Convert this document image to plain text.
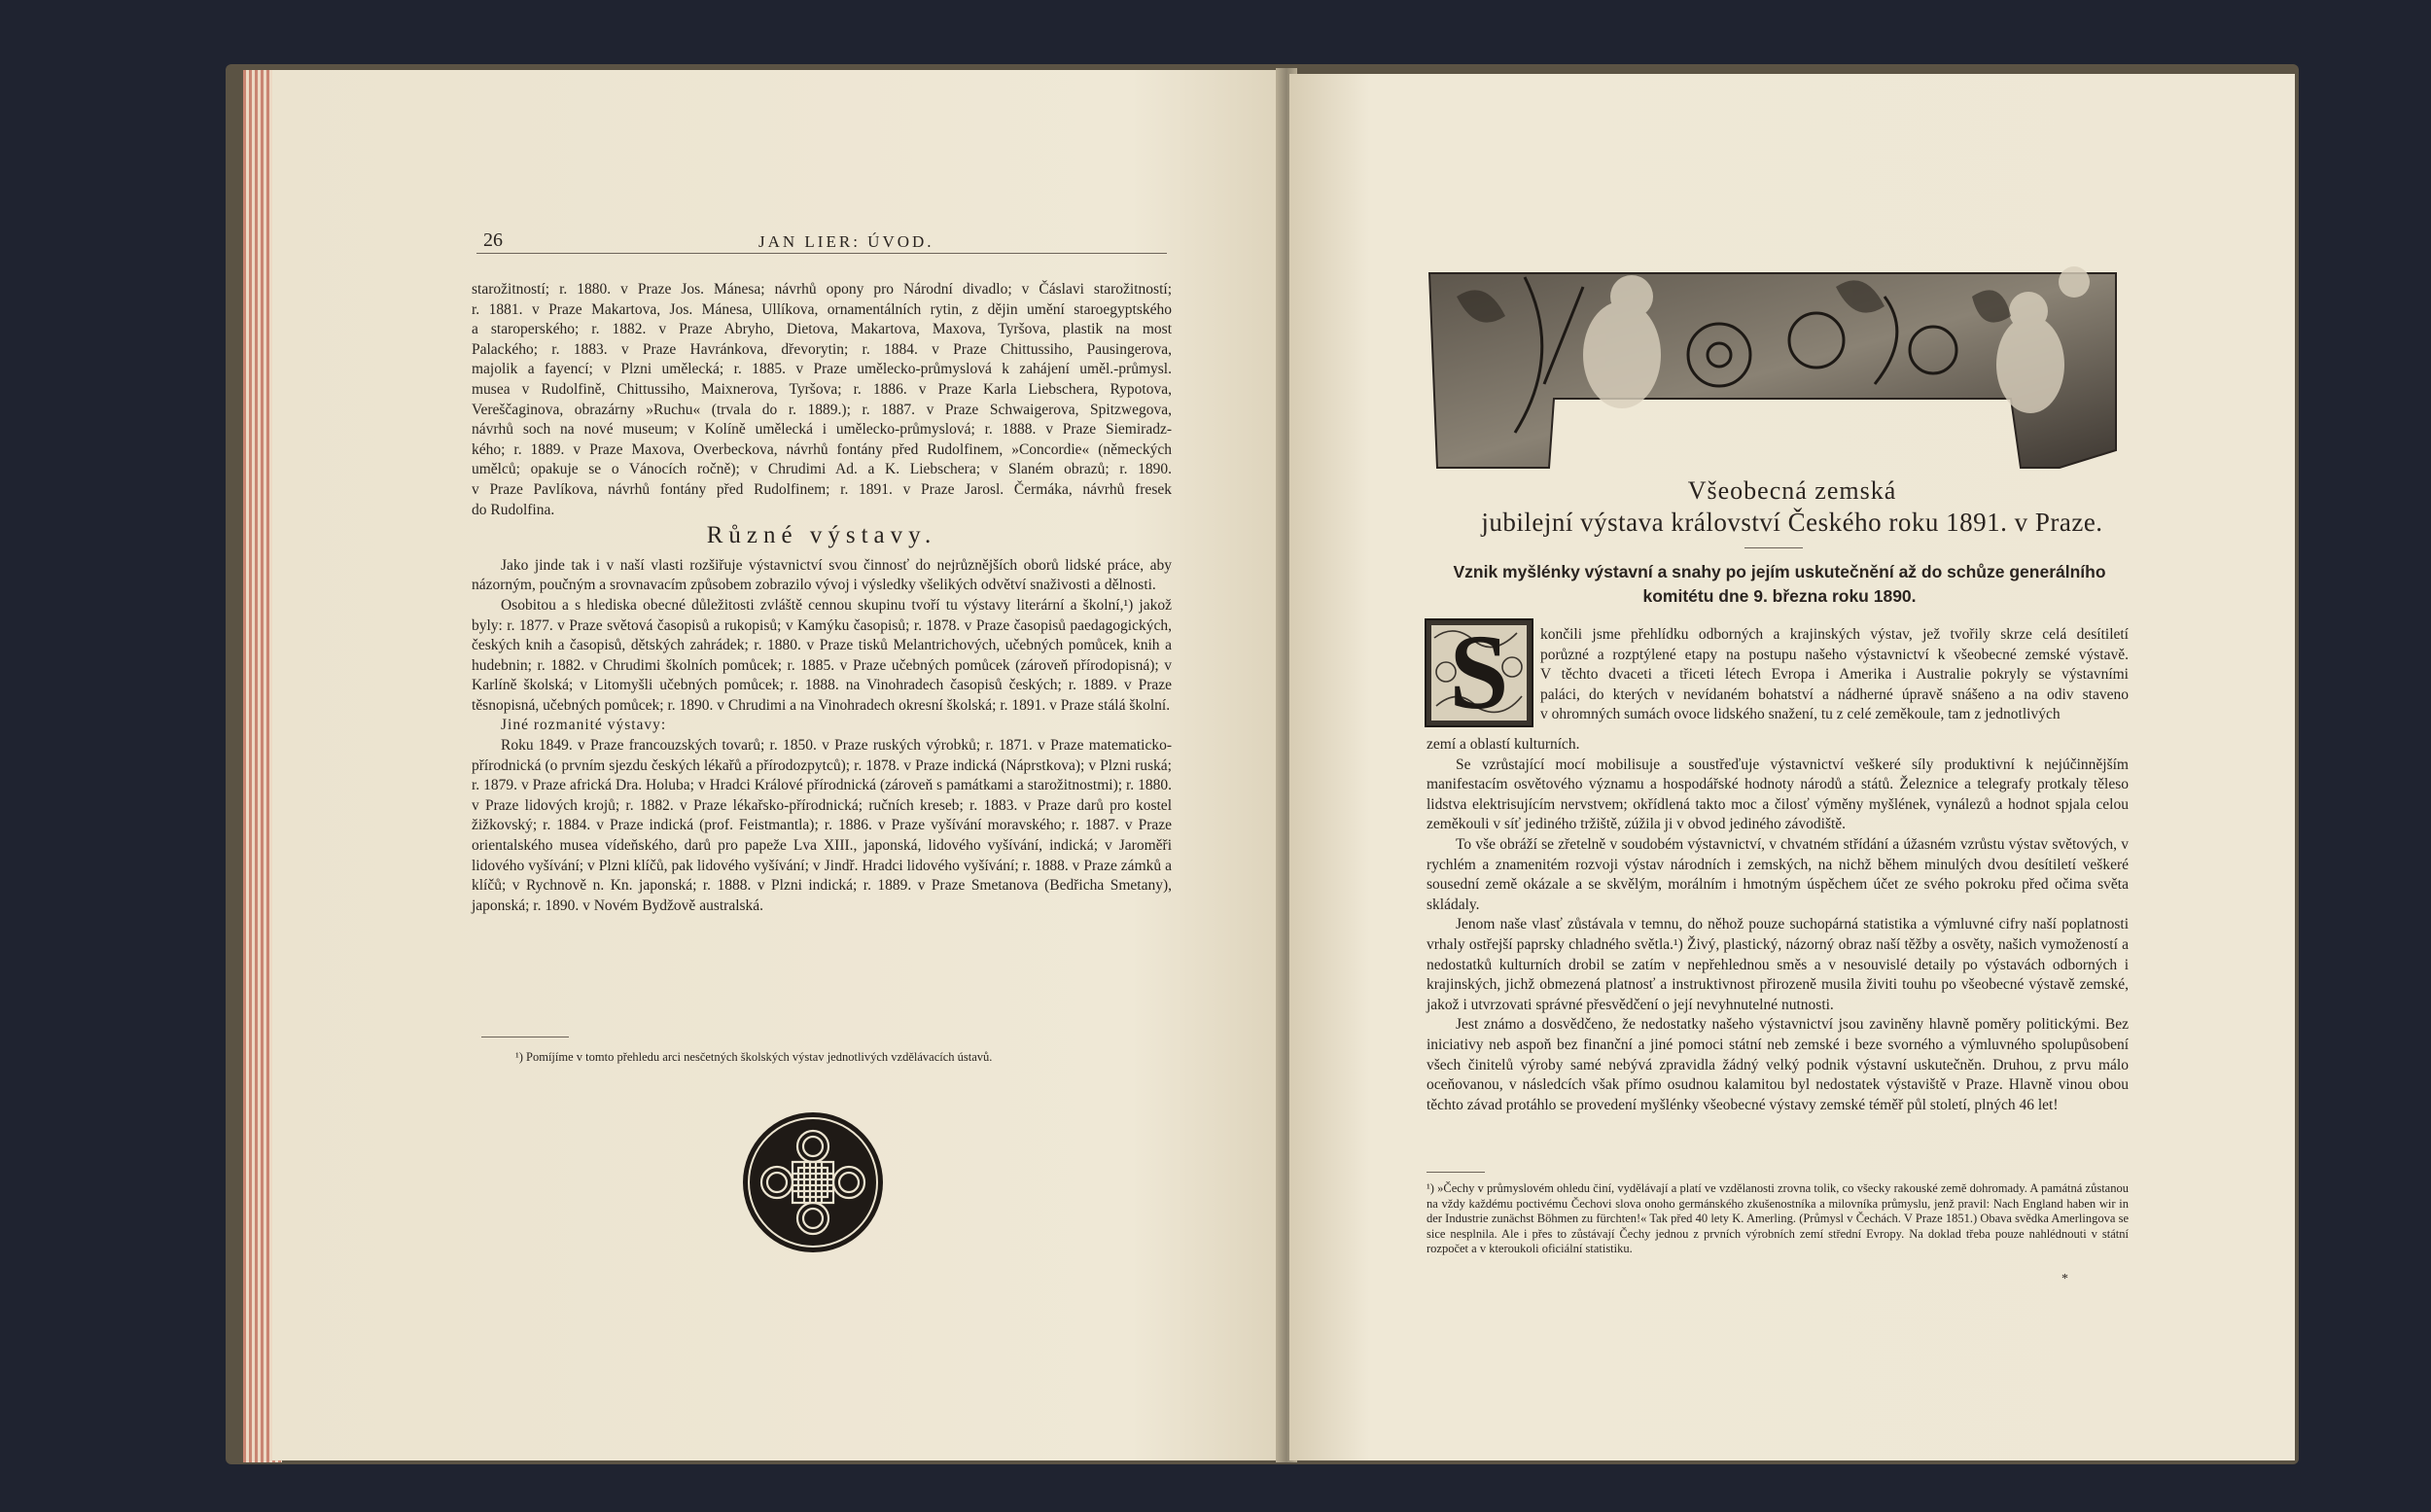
26	JAN LIER: ÚVOD.
starožitností; r. 1880. v Praze Jos. Mánesa; návrhů opony pro Národní divadlo; v Čáslavi starožitností;
r. 1881. v Praze Makartova, Jos. Mánesa, Ullíkova, ornamentálních rytin, z dějin umění staroegyptského
a staroperského; r. 1882. v Praze Abryho, Dietova, Makartova, Maxova, Tyršova, plastik na most
Palackého; r. 1883. v Praze Havránkova, dřevorytin; r. 1884. v Praze Chittussiho, Pausingerova,
majolik a fayencí; v Plzni umělecká; r. 1885. v Praze umělecko-průmyslová k zahájení uměl.-průmysl.
musea v Rudolfině, Chittussiho, Maixnerova, Tyršova; r. 1886. v Praze Karla Liebschera, Rypotova,
Vereščaginova, obrazárny »Ruchu« (trvala do r. 1889.); r. 1887. v Praze Schwaigerova, Spitzwegova,
návrhů soch na nové museum; v Kolíně umělecká i umělecko-průmyslová; r. 1888. v Praze Siemiradz-
kého; r. 1889. v Praze Maxova, Overbeckova, návrhů fontány před Rudolfinem, »Concordie« (německých
umělců; opakuje se o Vánocích ročně); v Chrudimi Ad. a K. Liebschera; v Slaném obrazů; r. 1890.
v Praze Pavlíkova, návrhů fontány před Rudolfinem; r. 1891. v Praze Jarosl. Čermáka, návrhů fresek
do Rudolfina.
Různé výstavy.

Jako jinde tak i v naší vlasti rozšiřuje výstavnictví svou činnosť do nejrůznějších oborů lidské práce, aby názorným, poučným a srovnavacím způsobem zobrazilo vývoj i výsledky všelikých odvětví snaživosti a dělnosti.

Osobitou a s hlediska obecné důležitosti zvláště cennou skupinu tvoří tu výstavy literární a školní,¹) jakož byly: r. 1877. v Praze světová časopisů a rukopisů; v Kamýku časopisů; r. 1878. v Praze časopisů paedagogických, českých knih a časopisů, dětských zahrádek; r. 1880. v Praze tisků Melantrichových, učebných pomůcek, knih a hudebnin; r. 1882. v Chrudimi školních pomůcek; r. 1885. v Praze učebných pomůcek (zároveň přírodopisná); v Karlíně školská; v Litomyšli učebných pomůcek; r. 1888. na Vinohradech časopisů českých; r. 1889. v Praze těsnopisná, učebných pomůcek; r. 1890. v Chrudimi a na Vinohradech okresní školská; r. 1891. v Praze stálá školní.

Jiné rozmanité výstavy:

Roku 1849. v Praze francouzských tovarů; r. 1850. v Praze ruských výrobků; r. 1871. v Praze matematicko-přírodnická (o prvním sjezdu českých lékařů a přírodozpytců); r. 1878. v Praze indická (Náprstkova); v Plzni ruská; r. 1879. v Praze africká Dra. Holuba; v Hradci Králové přírodnická (zároveň s památkami a starožitnostmi); r. 1880. v Praze lidových krojů; r. 1882. v Praze lékařsko-přírodnická; ručních kreseb; r. 1883. v Praze darů pro kostel žižkovský; r. 1884. v Praze indická (prof. Feistmantla); r. 1886. v Praze vyšívání moravského; r. 1887. v Praze orientalského musea vídeňského, darů pro papeže Lva XIII., japonská, lidového vyšívání, indická; v Jaroměři lidového vyšívání; v Plzni klíčů, pak lidového vyšívání; v Jindř. Hradci lidového vyšívání; r. 1888. v Praze zámků a klíčů; v Rychnově n. Kn. japonská; r. 1888. v Plzni indická; r. 1889. v Praze Smetanova (Bedřicha Smetany), japonská; r. 1890. v Novém Bydžově australská.

¹) Pomíjíme v tomto přehledu arci nesčetných školských výstav jednotlivých vzdělávacích ústavů.
Všeobecná zemská
jubilejní výstava království Českého roku 1891. v Praze.
Vznik myšlénky výstavní a snahy po jejím uskutečnění až do schůze generálního komitétu dne 9. března roku 1890.
S	končili jsme přehlídku odborných a krajinských výstav, jež tvořily skrze celá desítiletí
porůzné a rozptýlené etapy na postupu našeho výstavnictví k všeobecné zemské výstavě.
V těchto dvaceti a třiceti létech Evropa i Amerika i Australie pokryly se výstavními
paláci, do kterých v nevídaném bohatství a nádherné úpravě snášeno a na odiv staveno
v ohromných sumách ovoce lidského snažení, tu z celé zeměkoule, tam z jednotlivých

zemí a oblastí kulturních.

Se vzrůstající mocí mobilisuje a soustřeďuje výstavnictví veškeré síly produktivní k nejúčinnějším manifestacím osvětového významu a hospodářské hodnoty národů a států. Železnice a telegrafy protkaly těleso lidstva elektrisujícím nervstvem; okřídlená takto moc a čilosť výměny myšlének, vynálezů a hodnot spjala celou zeměkouli v síť jediného tržiště, zúžila ji v obvod jediného závodiště.

To vše obráží se zřetelně v soudobém výstavnictví, v chvatném střídání a úžasném vzrůstu výstav světových, v rychlém a znamenitém rozvoji výstav národních i zemských, na nichž během minulých dvou desítiletí veškeré sousední země okázale a se skvělým, morálním i hmotným úspěchem účet ze svého pokroku před očima světa skládaly.

Jenom naše vlasť zůstávala v temnu, do něhož pouze suchopárná statistika a výmluvné cifry naší poplatnosti vrhaly ostřejší paprsky chladného světla.¹) Živý, plastický, názorný obraz naší těžby a osvěty, našich vymožeností a nedostatků kulturních drobil se zatím v nepřehlednou směs a v nesouvislé detaily po výstavách odborných i krajinských, jichž obmezená platnosť a instruktivnost přirozeně musila živiti touhu po všeobecné výstavě zemské, jakož i utvrzovati správné přesvědčení o její nevyhnutelné nutnosti.

Jest známo a dosvědčeno, že nedostatky našeho výstavnictví jsou zaviněny hlavně poměry politickými. Bez iniciativy neb aspoň bez finanční a jiné pomoci státní neb zemské i beze svorného a výmluvného spolupůsobení všech činitelů výroby samé nebývá zpravidla žádný velký podnik výstavní uskutečněn. Druhou, z prvu málo oceňovanou, v následcích však přímo osudnou kalamitou byl nedostatek výstaviště v Praze. Hlavně vinou obou těchto závad protáhlo se provedení myšlénky všeobecné výstavy zemské téměř půl století, plných 46 let!

¹) »Čechy v průmyslovém ohledu činí, vydělávají a platí ve vzdělanosti zrovna tolik, co všecky rakouské země dohromady. A památná zůstanou na vždy každému poctivému Čechovi slova onoho germánského zkušenostníka a milovníka průmyslu, jenž pravil: Nach England haben wir in der Industrie zunächst Böhmen zu fürchten!« Tak před 40 lety K. Amerling. (Průmysl v Čechách. V Praze 1851.) Obava svědka Amerlingova se sice nesplnila. Ale i přes to zůstávají Čechy jednou z prvních výrobních zemí střední Evropy. Na doklad třeba pouze nahlédnouti v státní rozpočet a v kteroukoli oficiální statistiku.
*
